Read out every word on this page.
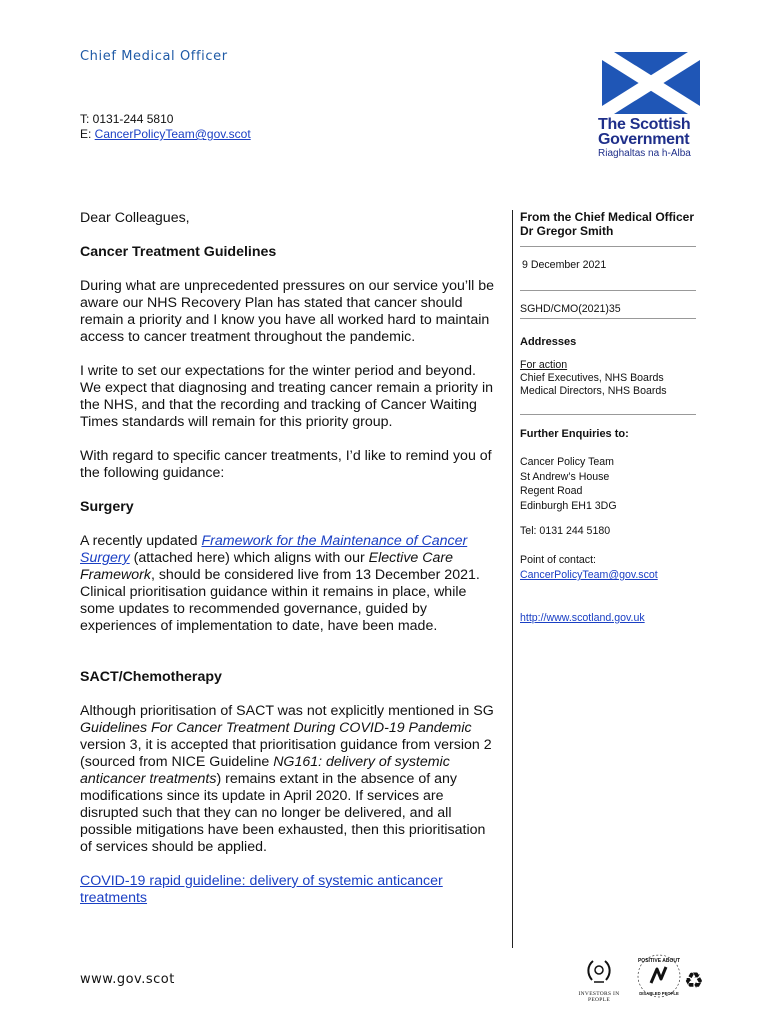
Chief Medical Officer
T: 0131-244 5810
E: CancerPolicyTeam@gov.scot
The Scottish
Government
Riaghaltas na h-Alba

Dear Colleagues,

Cancer Treatment Guidelines

During what are unprecedented pressures on our service you’ll be aware our NHS Recovery Plan has stated that cancer should remain a priority and I know you have all worked hard to maintain access to cancer treatment throughout the pandemic.

I write to set our expectations for the winter period and beyond. We expect that diagnosing and treating cancer remain a priority in the NHS, and that the recording and tracking of Cancer Waiting Times standards will remain for this priority group.

With regard to specific cancer treatments, I’d like to remind you of the following guidance:

Surgery

A recently updated Framework for the Maintenance of Cancer Surgery (attached here) which aligns with our Elective Care Framework, should be considered live from 13 December 2021. Clinical prioritisation guidance within it remains in place, while some updates to recommended governance, guided by experiences of implementation to date, have been made.

SACT/Chemotherapy

Although prioritisation of SACT was not explicitly mentioned in SG Guidelines For Cancer Treatment During COVID-19 Pandemic version 3, it is accepted that prioritisation guidance from version 2 (sourced from NICE Guideline NG161: delivery of systemic anticancer treatments) remains extant in the absence of any modifications since its update in April 2020. If services are disrupted such that they can no longer be delivered, and all possible mitigations have been exhausted, then this prioritisation of services should be applied.

COVID-19 rapid guideline: delivery of systemic anticancer treatments

From the Chief Medical Officer
Dr Gregor Smith
9 December 2021
SGHD/CMO(2021)35
Addresses
For action
Chief Executives, NHS Boards
Medical Directors, NHS Boards
Further Enquiries to:
Cancer Policy Team
St Andrew’s House
Regent Road
Edinburgh EH1 3DG
Tel: 0131 244 5180
Point of contact:
CancerPolicyTeam@gov.scot
http://www.scotland.gov.uk
www.gov.scot
INVESTORS IN PEOPLE
POSITIVE ABOUT
DISABLED PEOPLE
♻
